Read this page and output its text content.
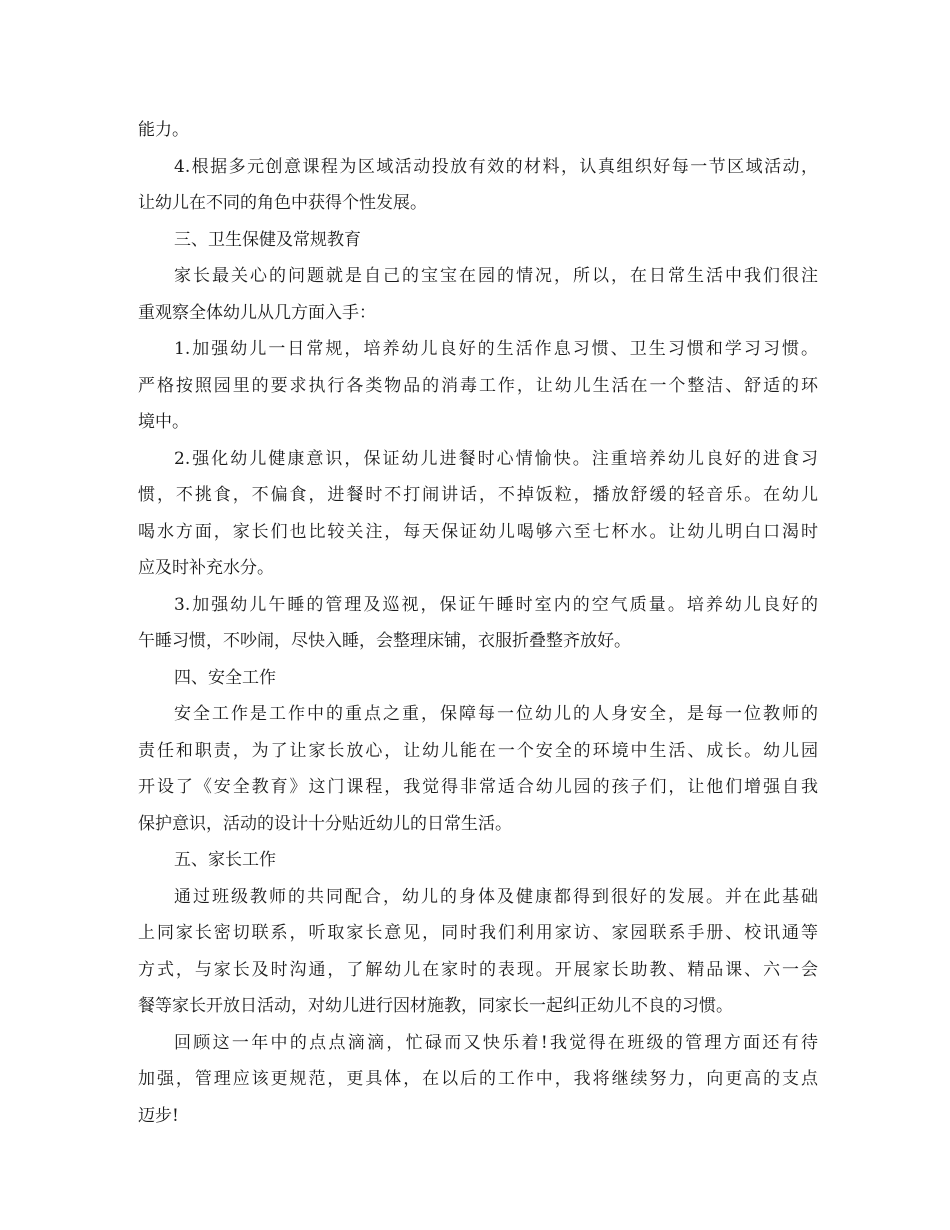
能力。
4.根据多元创意课程为区域活动投放有效的材料，认真组织好每一节区域活动，
让幼儿在不同的角色中获得个性发展。
三、卫生保健及常规教育
家长最关心的问题就是自己的宝宝在园的情况，所以，在日常生活中我们很注
重观察全体幼儿从几方面入手：
1.加强幼儿一日常规，培养幼儿良好的生活作息习惯、卫生习惯和学习习惯。
严格按照园里的要求执行各类物品的消毒工作，让幼儿生活在一个整洁、舒适的环
境中。
2.强化幼儿健康意识，保证幼儿进餐时心情愉快。注重培养幼儿良好的进食习
惯，不挑食，不偏食，进餐时不打闹讲话，不掉饭粒，播放舒缓的轻音乐。在幼儿
喝水方面，家长们也比较关注，每天保证幼儿喝够六至七杯水。让幼儿明白口渴时
应及时补充水分。
3.加强幼儿午睡的管理及巡视，保证午睡时室内的空气质量。培养幼儿良好的
午睡习惯，不吵闹，尽快入睡，会整理床铺，衣服折叠整齐放好。
四、安全工作
安全工作是工作中的重点之重，保障每一位幼儿的人身安全，是每一位教师的
责任和职责，为了让家长放心，让幼儿能在一个安全的环境中生活、成长。幼儿园
开设了《安全教育》这门课程，我觉得非常适合幼儿园的孩子们，让他们增强自我
保护意识，活动的设计十分贴近幼儿的日常生活。
五、家长工作
通过班级教师的共同配合，幼儿的身体及健康都得到很好的发展。并在此基础
上同家长密切联系，听取家长意见，同时我们利用家访、家园联系手册、校讯通等
方式，与家长及时沟通，了解幼儿在家时的表现。开展家长助教、精品课、六一会
餐等家长开放日活动，对幼儿进行因材施教，同家长一起纠正幼儿不良的习惯。
回顾这一年中的点点滴滴，忙碌而又快乐着!我觉得在班级的管理方面还有待
加强，管理应该更规范，更具体，在以后的工作中，我将继续努力，向更高的支点
迈步!
